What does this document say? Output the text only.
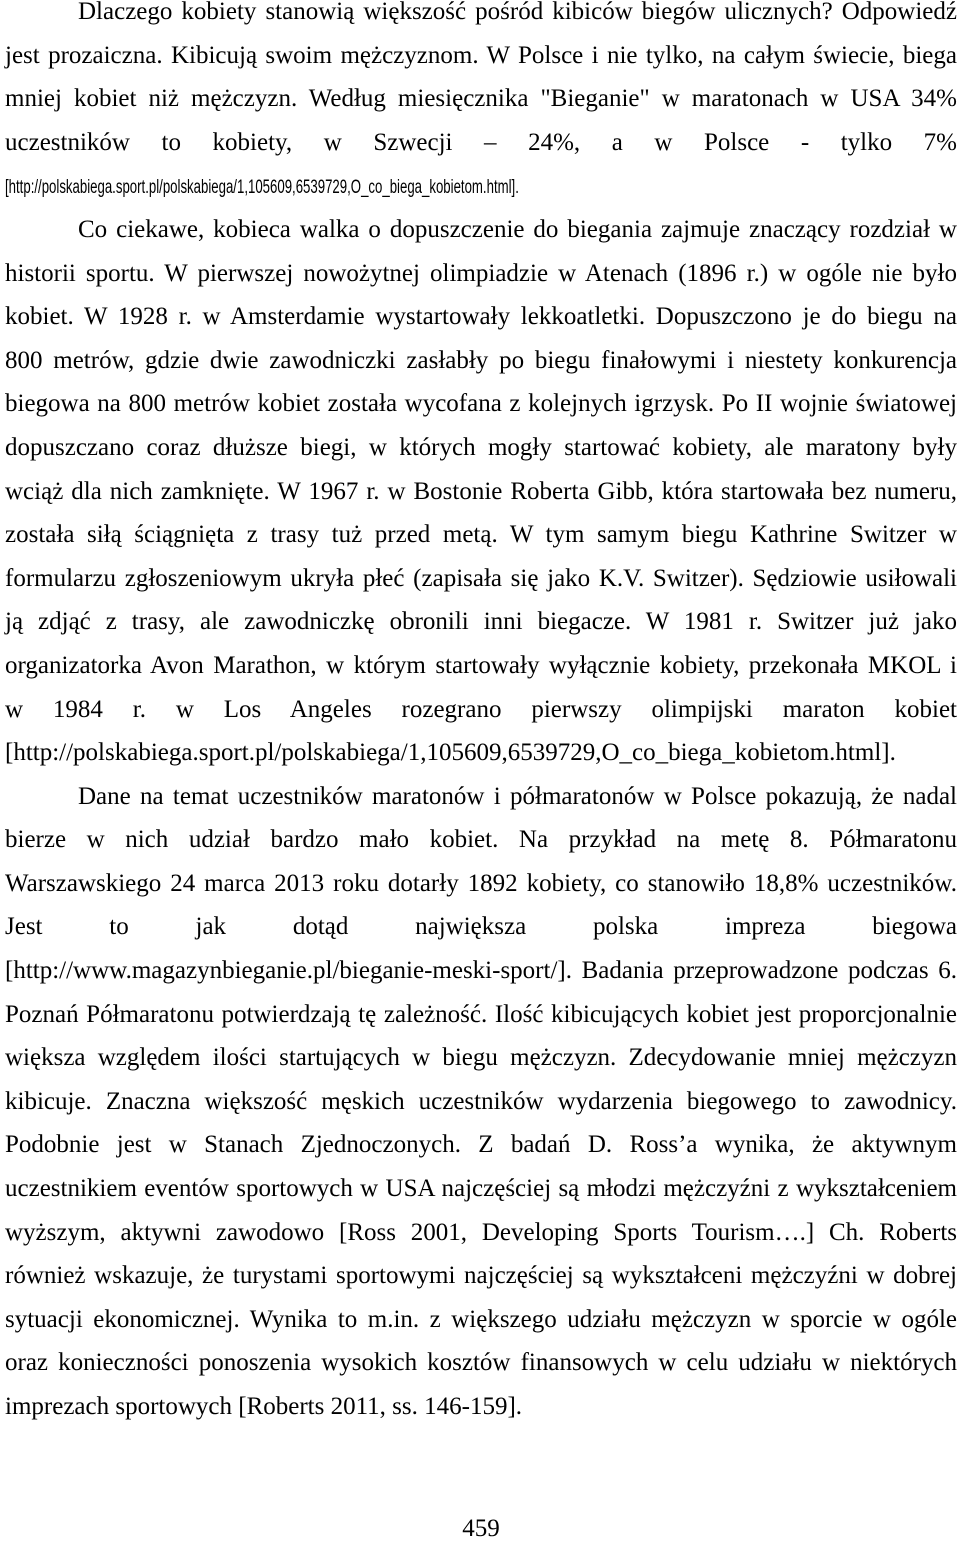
Dlaczego kobiety stanowią większość pośród kibiców biegów ulicznych? Odpowiedź
jest prozaiczna. Kibicują swoim mężczyznom. W Polsce i nie tylko, na całym świecie, biega
mniej kobiet niż mężczyzn. Według miesięcznika "Bieganie" w maratonach w USA 34%
uczestników to kobiety, w Szwecji – 24%, a w Polsce - tylko 7%
[http://polskabiega.sport.pl/polskabiega/1,105609,6539729,O_co_biega_kobietom.html].
Co ciekawe, kobieca walka o dopuszczenie do biegania zajmuje znaczący rozdział w
historii sportu. W pierwszej nowożytnej olimpiadzie w Atenach (1896 r.) w ogóle nie było
kobiet. W 1928 r. w Amsterdamie wystartowały lekkoatletki. Dopuszczono je do biegu na
800 metrów, gdzie dwie zawodniczki zasłabły po biegu finałowymi i niestety konkurencja
biegowa na 800 metrów kobiet została wycofana z kolejnych igrzysk. Po II wojnie światowej
dopuszczano coraz dłuższe biegi, w których mogły startować kobiety, ale maratony były
wciąż dla nich zamknięte. W 1967 r. w Bostonie Roberta Gibb, która startowała bez numeru,
została siłą ściągnięta z trasy tuż przed metą. W tym samym biegu Kathrine Switzer w
formularzu zgłoszeniowym ukryła płeć (zapisała się jako K.V. Switzer). Sędziowie usiłowali
ją zdjąć z trasy, ale zawodniczkę obronili inni biegacze. W 1981 r. Switzer już jako
organizatorka Avon Marathon, w którym startowały wyłącznie kobiety, przekonała MKOL i
w 1984 r. w Los Angeles rozegrano pierwszy olimpijski maraton kobiet
[http://polskabiega.sport.pl/polskabiega/1,105609,6539729,O_co_biega_kobietom.html].
Dane na temat uczestników maratonów i półmaratonów w Polsce pokazują, że nadal
bierze w nich udział bardzo mało kobiet. Na przykład na metę 8. Półmaratonu
Warszawskiego 24 marca 2013 roku dotarły 1892 kobiety, co stanowiło 18,8% uczestników.
Jest to jak dotąd największa polska impreza biegowa
[http://www.magazynbieganie.pl/bieganie-meski-sport/]. Badania przeprowadzone podczas 6.
Poznań Półmaratonu potwierdzają tę zależność. Ilość kibicujących kobiet jest proporcjonalnie
większa względem ilości startujących w biegu mężczyzn. Zdecydowanie mniej mężczyzn
kibicuje. Znaczna większość męskich uczestników wydarzenia biegowego to zawodnicy.
Podobnie jest w Stanach Zjednoczonych. Z badań D. Ross’a wynika, że aktywnym
uczestnikiem eventów sportowych w USA najczęściej są młodzi mężczyźni z wykształceniem
wyższym, aktywni zawodowo [Ross 2001, Developing Sports Tourism….] Ch. Roberts
również wskazuje, że turystami sportowymi najczęściej są wykształceni mężczyźni w dobrej
sytuacji ekonomicznej. Wynika to m.in. z większego udziału mężczyzn w sporcie w ogóle
oraz konieczności ponoszenia wysokich kosztów finansowych w celu udziału w niektórych
imprezach sportowych [Roberts 2011, ss. 146-159].
459
